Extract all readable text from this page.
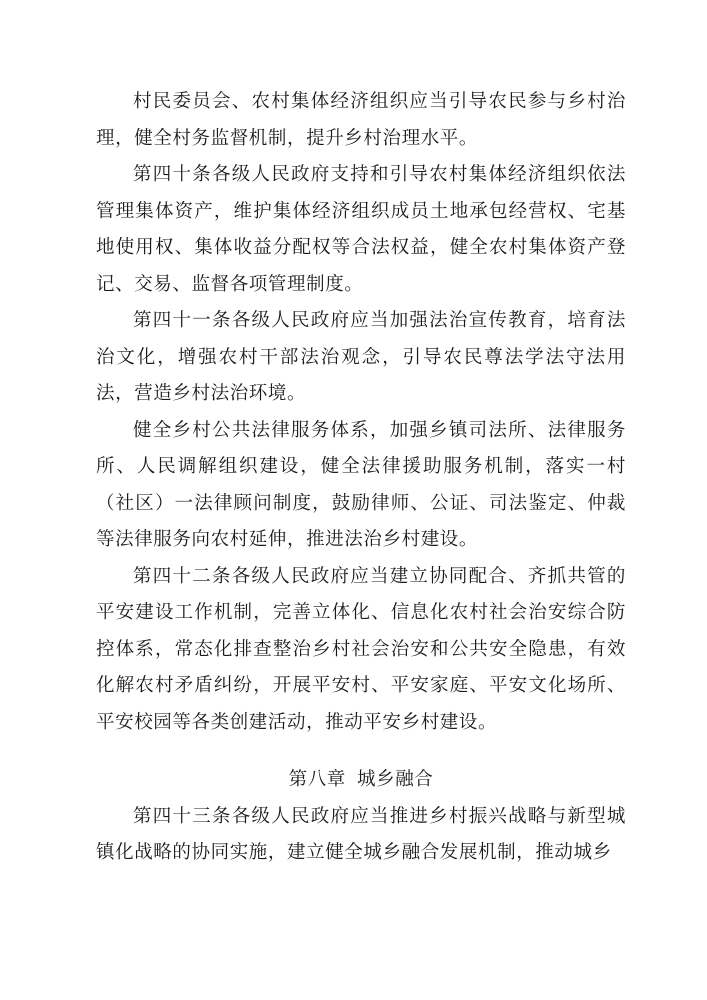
村民委员会、农村集体经济组织应当引导农民参与乡村治理，健全村务监督机制，提升乡村治理水平。

第四十条各级人民政府支持和引导农村集体经济组织依法管理集体资产，维护集体经济组织成员土地承包经营权、宅基地使用权、集体收益分配权等合法权益，健全农村集体资产登记、交易、监督各项管理制度。

第四十一条各级人民政府应当加强法治宣传教育，培育法治文化，增强农村干部法治观念，引导农民尊法学法守法用法，营造乡村法治环境。

健全乡村公共法律服务体系，加强乡镇司法所、法律服务所、人民调解组织建设，健全法律援助服务机制，落实一村（社区）一法律顾问制度，鼓励律师、公证、司法鉴定、仲裁等法律服务向农村延伸，推进法治乡村建设。

第四十二条各级人民政府应当建立协同配合、齐抓共管的平安建设工作机制，完善立体化、信息化农村社会治安综合防控体系，常态化排查整治乡村社会治安和公共安全隐患，有效化解农村矛盾纠纷，开展平安村、平安家庭、平安文化场所、平安校园等各类创建活动，推动平安乡村建设。

第八章 城乡融合

第四十三条各级人民政府应当推进乡村振兴战略与新型城镇化战略的协同实施，建立健全城乡融合发展机制，推动城乡
